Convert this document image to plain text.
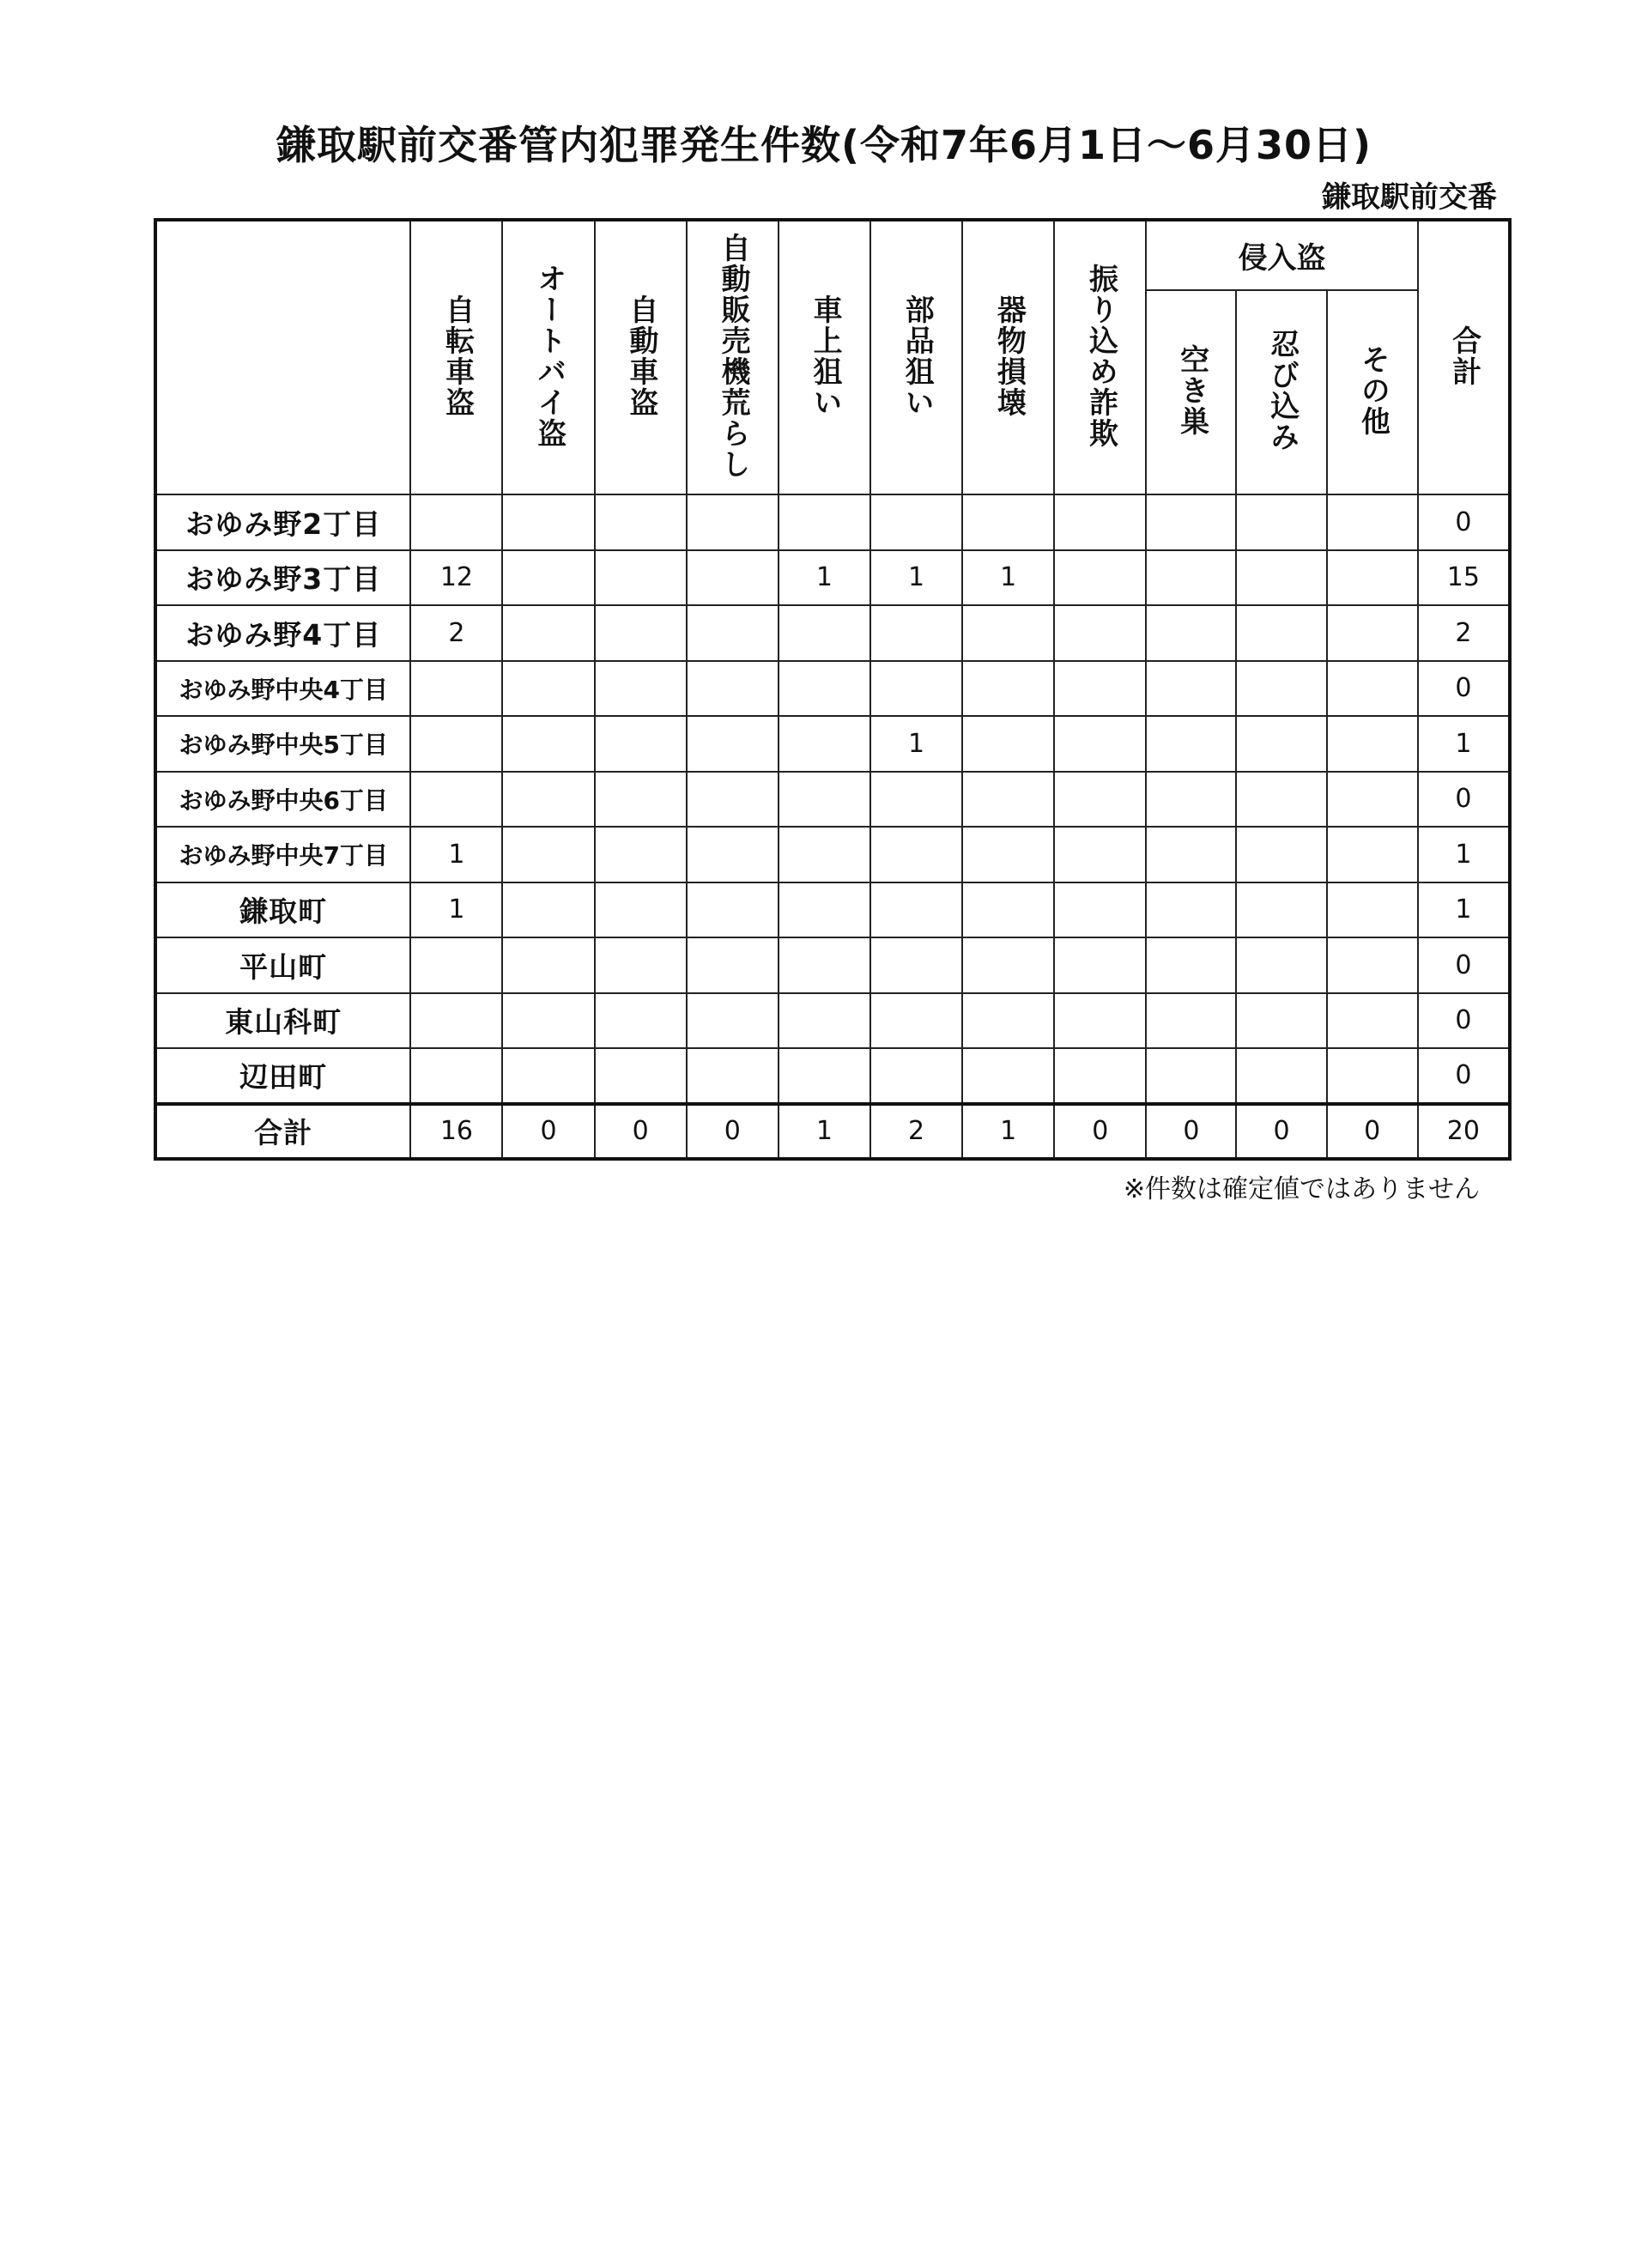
鎌取駅前交番管内犯罪発生件数(令和7年6月1日～6月30日)
鎌取駅前交番
	自転車盗	オートバイ盗	自動車盗	自動販売機荒らし	車上狙い	部品狙い	器物損壊	振り込め詐欺	侵入盗			合計
									空き巣	忍び込み	その他	
おゆみ野2丁目												0
おゆみ野3丁目	12				1	1	1					15
おゆみ野4丁目	2											2
おゆみ野中央4丁目												0
おゆみ野中央5丁目						1						1
おゆみ野中央6丁目												0
おゆみ野中央7丁目	1											1
鎌取町	1											1
平山町												0
東山科町												0
辺田町												0
合計	16	0	0	0	1	2	1	0	0	0	0	20
※件数は確定値ではありません
